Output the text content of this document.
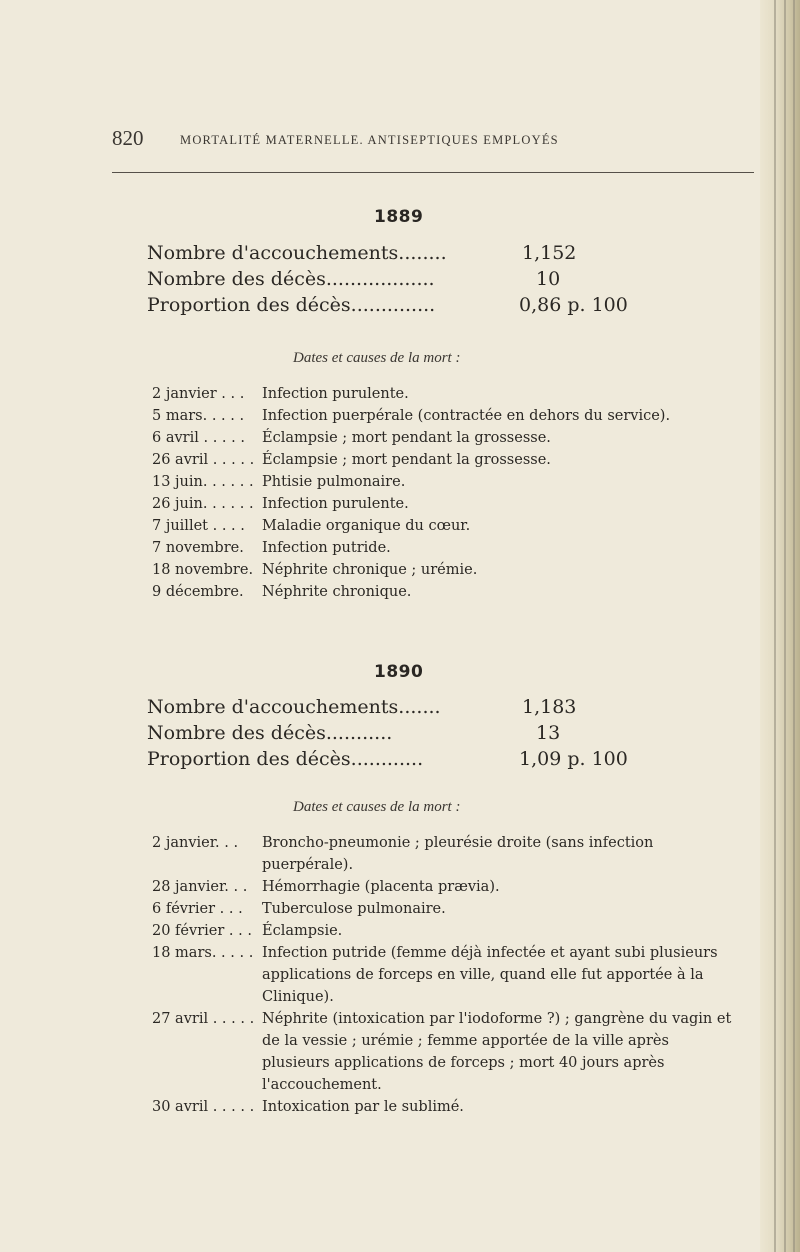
820	MORTALITÉ MATERNELLE. ANTISEPTIQUES EMPLOYÉS
1889
Nombre d'accouchements........	1,152
Nombre des décès..................	10
Proportion des décès..............	0,86 p. 100
Dates et causes de la mort :
2 janvier . . . Infection purulente.
5 mars. . . . . Infection puerpérale (contractée en dehors du service).
6 avril . . . . . Éclampsie ; mort pendant la grossesse.
26 avril . . . . . Éclampsie ; mort pendant la grossesse.
13 juin. . . . . . Phtisie pulmonaire.
26 juin. . . . . . Infection purulente.
7 juillet . . . . Maladie organique du cœur.
7 novembre. Infection putride.
18 novembre. Néphrite chronique ; urémie.
9 décembre. Néphrite chronique.
1890
Nombre d'accouchements.......	1,183
Nombre des décès...........	13
Proportion des décès............	1,09 p. 100
Dates et causes de la mort :
2 janvier. . . Broncho-pneumonie ; pleurésie droite (sans infection puerpérale).
28 janvier. . . Hémorrhagie (placenta prævia).
6 février . . . Tuberculose pulmonaire.
20 février . . . Éclampsie.
18 mars. . . . . Infection putride (femme déjà infectée et ayant subi plusieurs applications de forceps en ville, quand elle fut apportée à la Clinique).
27 avril . . . . . Néphrite (intoxication par l'iodoforme ?) ; gangrène du vagin et de la vessie ; urémie ; femme apportée de la ville après plusieurs applications de forceps ; mort 40 jours après l'accouchement.
30 avril . . . . . Intoxication par le sublimé.
